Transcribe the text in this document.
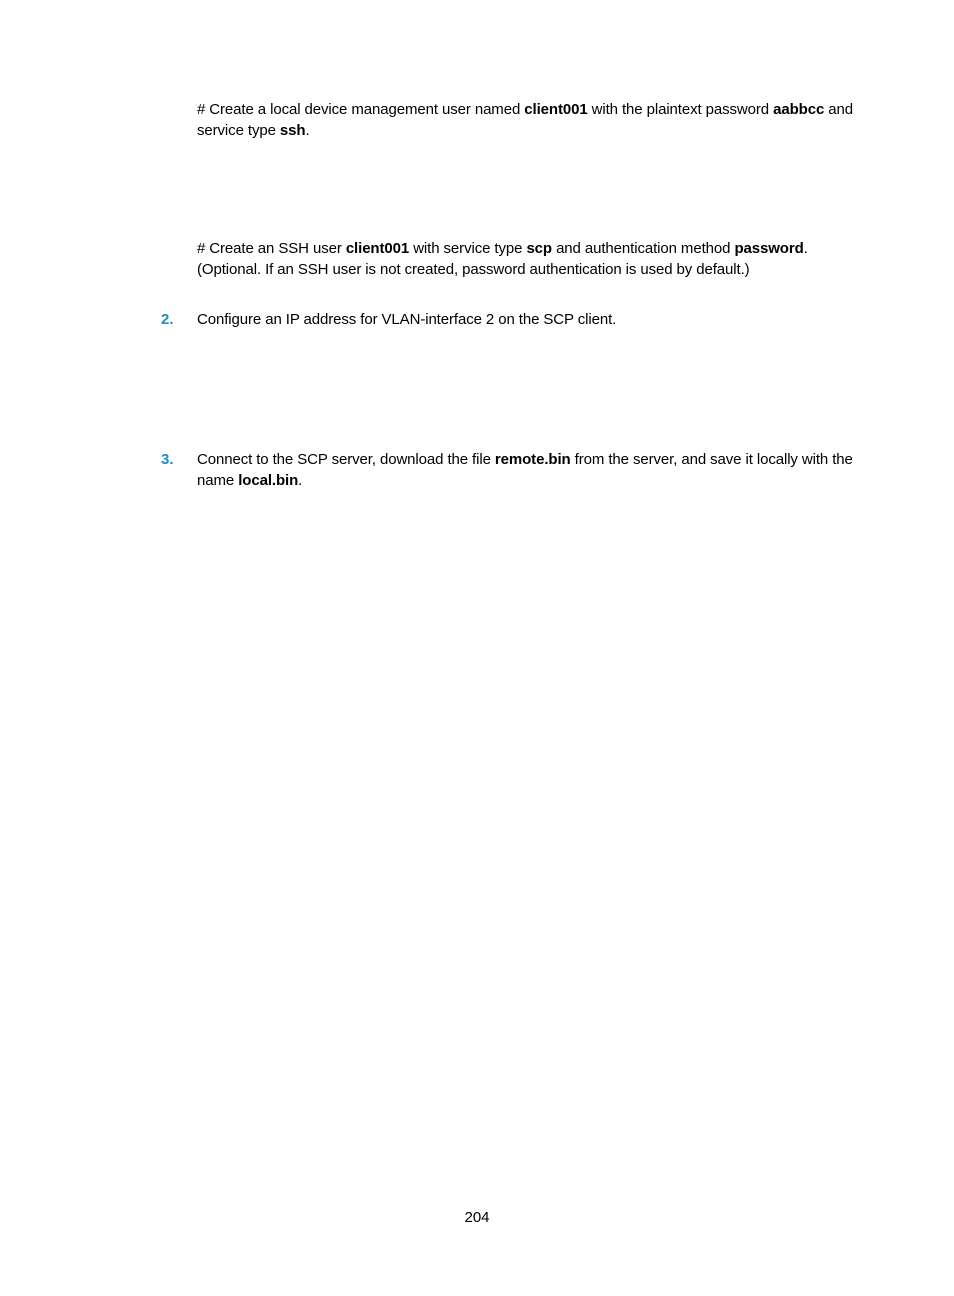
# Create a local device management user named client001 with the plaintext password aabbcc and service type ssh.
# Create an SSH user client001 with service type scp and authentication method password.
(Optional. If an SSH user is not created, password authentication is used by default.)
2. Configure an IP address for VLAN-interface 2 on the SCP client.
3. Connect to the SCP server, download the file remote.bin from the server, and save it locally with the name local.bin.
204
